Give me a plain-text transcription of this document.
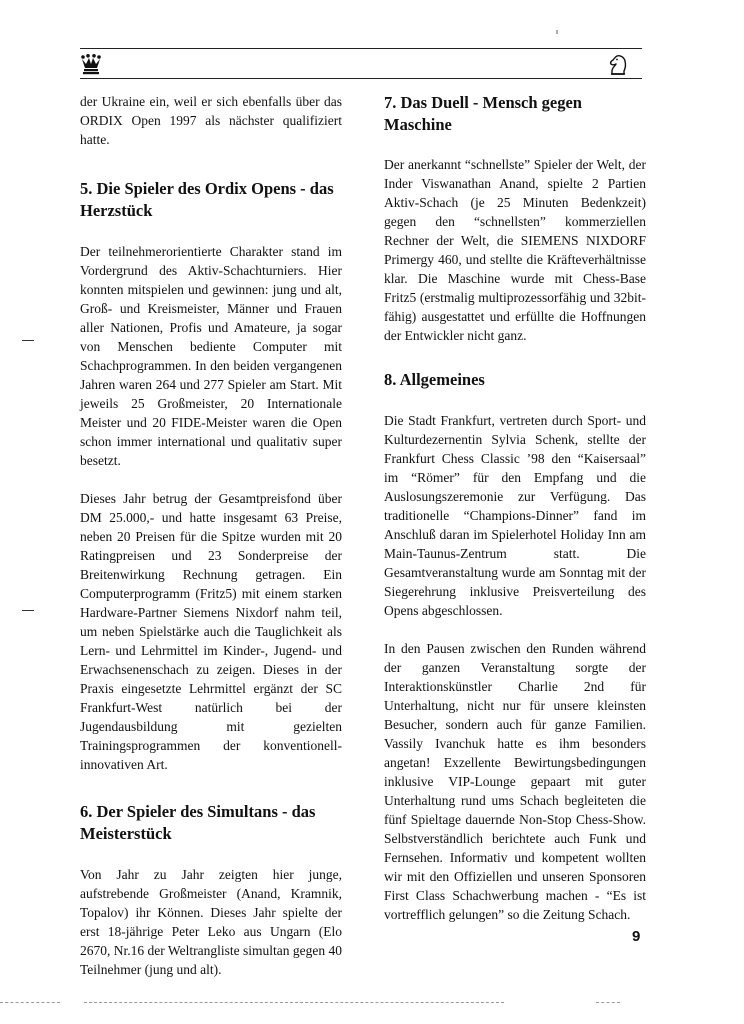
der Ukraine ein, weil er sich ebenfalls über das ORDIX Open 1997 als nächster qualifiziert hatte.

5. Die Spieler des Ordix Opens - das Herzstück

Der teilnehmerorientierte Charakter stand im Vordergrund des Aktiv-Schachturniers. Hier konnten mitspielen und gewinnen: jung und alt, Groß- und Kreismeister, Männer und Frauen aller Nationen, Profis und Amateure, ja sogar von Menschen bediente Computer mit Schachprogrammen. In den beiden vergangenen Jahren waren 264 und 277 Spieler am Start. Mit jeweils 25 Großmeister, 20 Internationale Meister und 20 FIDE-Meister waren die Open schon immer international und qualitativ super besetzt.

Dieses Jahr betrug der Gesamtpreisfond über DM 25.000,- und hatte insgesamt 63 Preise, neben 20 Preisen für die Spitze wurden mit 20 Ratingpreisen und 23 Sonderpreise der Breitenwirkung Rechnung getragen. Ein Computerprogramm (Fritz5) mit einem starken Hardware-Partner Siemens Nixdorf nahm teil, um neben Spielstärke auch die Tauglichkeit als Lern- und Lehrmittel im Kinder-, Jugend- und Erwachsenenschach zu zeigen. Dieses in der Praxis eingesetzte Lehrmittel ergänzt der SC Frankfurt-West natürlich bei der Jugendausbildung mit gezielten Trainingsprogrammen der konventionell-innovativen Art.

6. Der Spieler des Simultans - das Meisterstück

Von Jahr zu Jahr zeigten hier junge, aufstrebende Großmeister (Anand, Kramnik, Topalov) ihr Können. Dieses Jahr spielte der erst 18-jährige Peter Leko aus Ungarn (Elo 2670, Nr.16 der Weltrangliste simultan gegen 40 Teilnehmer (jung und alt).

7. Das Duell - Mensch gegen Maschine

Der anerkannt “schnellste” Spieler der Welt, der Inder Viswanathan Anand, spielte 2 Partien Aktiv-Schach (je 25 Minuten Bedenkzeit) gegen den “schnellsten” kommerziellen Rechner der Welt, die SIEMENS NIXDORF Primergy 460, und stellte die Kräfteverhältnisse klar. Die Maschine wurde mit Chess-Base Fritz5 (erstmalig multiprozessorfähig und 32bit-fähig) ausgestattet und erfüllte die Hoffnungen der Entwickler nicht ganz.

8. Allgemeines

Die Stadt Frankfurt, vertreten durch Sport- und Kulturdezernentin Sylvia Schenk, stellte der Frankfurt Chess Classic ’98 den “Kaisersaal” im “Römer” für den Empfang und die Auslosungszeremonie zur Verfügung. Das traditionelle “Champions-Dinner” fand im Anschluß daran im Spielerhotel Holiday Inn am Main-Taunus-Zentrum statt. Die Gesamtveranstaltung wurde am Sonntag mit der Siegerehrung inklusive Preisverteilung des Opens abgeschlossen.

In den Pausen zwischen den Runden während der ganzen Veranstaltung sorgte der Interaktionskünstler Charlie 2nd für Unterhaltung, nicht nur für unsere kleinsten Besucher, sondern auch für ganze Familien. Vassily Ivanchuk hatte es ihm besonders angetan! Exzellente Bewirtungsbedingungen inklusive VIP-Lounge gepaart mit guter Unterhaltung rund ums Schach begleiteten die fünf Spieltage dauernde Non-Stop Chess-Show. Selbstverständlich berichtete auch Funk und Fernsehen. Informativ und kompetent wollten wir mit den Offiziellen und unseren Sponsoren First Class Schachwerbung machen - “Es ist vortrefflich gelungen” so die Zeitung Schach.

9
